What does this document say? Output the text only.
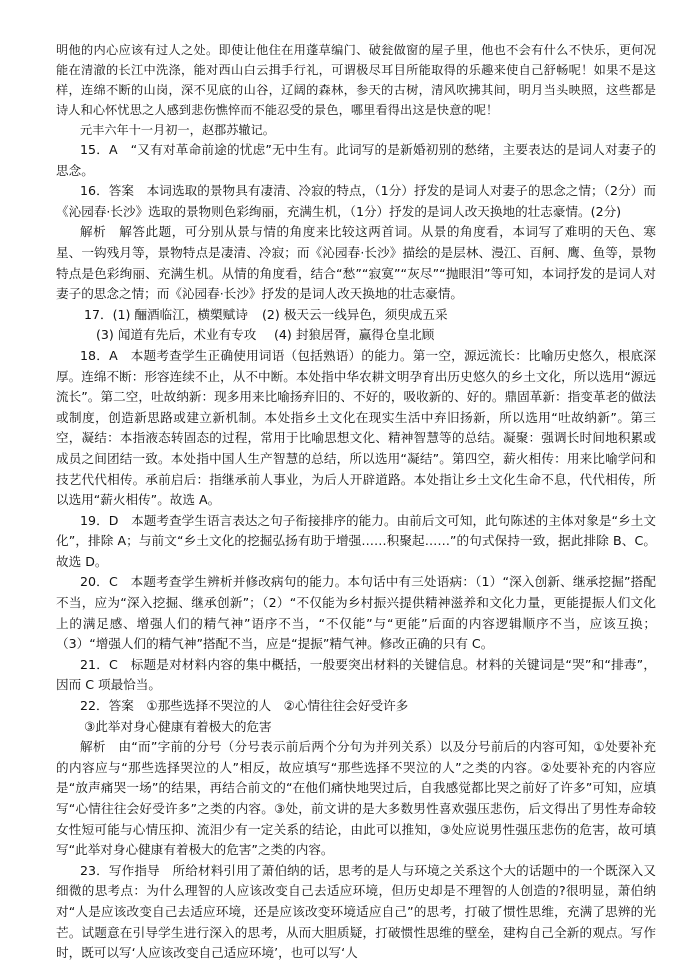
明他的内心应该有过人之处。即使让他住在用蓬草编门、破瓮做窗的屋子里，他也不会有什么不快乐，更何况能在清澈的长江中洗涤，能对西山白云揖手行礼，可谓极尽耳目所能取得的乐趣来使自己舒畅呢！如果不是这样，连绵不断的山岗，深不见底的山谷，辽阔的森林，参天的古树，清风吹拂其间，明月当头映照，这些都是诗人和心怀忧思之人感到悲伤憔悴而不能忍受的景色，哪里看得出这是快意的呢！

元丰六年十一月初一，赵郡苏辙记。

15．A　“又有对革命前途的忧虑”无中生有。此词写的是新婚初别的愁绪，主要表达的是词人对妻子的思念。

16．答案　本词选取的景物具有凄清、冷寂的特点，（1分）抒发的是词人对妻子的思念之情；（2分）而《沁园春·长沙》选取的景物则色彩绚丽，充满生机，（1分）抒发的是词人改天换地的壮志豪情。(2分)

解析　解答此题，可分别从景与情的角度来比较这两首词。从景的角度看，本词写了难明的天色、寒星、一钩残月等，景物特点是凄清、冷寂；而《沁园春·长沙》描绘的是层林、漫江、百舸、鹰、鱼等，景物特点是色彩绚丽、充满生机。从情的角度看，结合“愁”“寂寞”“灰尽”“抛眼泪”等可知，本词抒发的是词人对妻子的思念之情；而《沁园春·长沙》抒发的是词人改天换地的壮志豪情。

17．(1) 酾酒临江，横槊赋诗	(2) 极天云一线异色，须臾成五采
(3) 闻道有先后，术业有专攻	(4) 封狼居胥，赢得仓皇北顾

18．A　本题考查学生正确使用词语（包括熟语）的能力。第一空，源远流长：比喻历史悠久，根底深厚。连绵不断：形容连续不止，从不中断。本处指中华农耕文明孕育出历史悠久的乡土文化，所以选用“源远流长”。第二空，吐故纳新：现多用来比喻扬弃旧的、不好的，吸收新的、好的。鼎固革新：指变革老的做法或制度，创造新思路或建立新机制。本处指乡土文化在现实生活中弃旧扬新，所以选用“吐故纳新”。第三空，凝结：本指液态转固态的过程，常用于比喻思想文化、精神智慧等的总结。凝聚：强调长时间地积累或成员之间团结一致。本处指中国人生产智慧的总结，所以选用“凝结”。第四空，薪火相传：用来比喻学问和技艺代代相传。承前启后：指继承前人事业，为后人开辟道路。本处指让乡土文化生命不息，代代相传，所以选用“薪火相传”。故选 A。

19．D　本题考查学生语言表达之句子衔接排序的能力。由前后文可知，此句陈述的主体对象是“乡土文化”，排除 A；与前文“乡土文化的挖掘弘扬有助于增强……积聚起……”的句式保持一致，据此排除 B、C。故选 D。

20．C　本题考查学生辨析并修改病句的能力。本句话中有三处语病：（1）“深入创新、继承挖掘”搭配不当，应为“深入挖掘、继承创新”；（2）“不仅能为乡村振兴提供精神滋养和文化力量，更能提振人们文化上的满足感、增强人们的精气神”语序不当，“不仅能”与“更能”后面的内容逻辑顺序不当，应该互换；（3）“增强人们的精气神”搭配不当，应是“提振”精气神。修改正确的只有 C。

21．C　标题是对材料内容的集中概括，一般要突出材料的关键信息。材料的关键词是“哭”和“排毒”，因而 C 项最恰当。

22．答案　①那些选择不哭泣的人　②心情往往会好受许多

③此举对身心健康有着极大的危害

解析　由“而”字前的分号（分号表示前后两个分句为并列关系）以及分号前后的内容可知，①处要补充的内容应与“那些选择哭泣的人”相反，故应填写“那些选择不哭泣的人”之类的内容。②处要补充的内容应是“放声痛哭一场”的结果，再结合前文的“在他们痛快地哭过后，自我感觉都比哭之前好了许多”可知，应填写“心情往往会好受许多”之类的内容。③处，前文讲的是大多数男性喜欢强压悲伤，后文得出了男性寿命较女性短可能与心情压抑、流泪少有一定关系的结论，由此可以推知，③处应说男性强压悲伤的危害，故可填写“此举对身心健康有着极大的危害”之类的内容。

23．写作指导　所给材料引用了萧伯纳的话，思考的是人与环境之关系这个大的话题中的一个既深入又细微的思考点：为什么理智的人应该改变自己去适应环境，但历史却是不理智的人创造的?很明显，萧伯纳对“人是应该改变自己去适应环境，还是应该改变环境适应自己”的思考，打破了惯性思维，充满了思辨的光芒。试题意在引导学生进行深入的思考，从而大胆质疑，打破惯性思维的壁垒，建构自己全新的观点。写作时，既可以写‘人应该改变自己适应环境’，也可以写‘人
